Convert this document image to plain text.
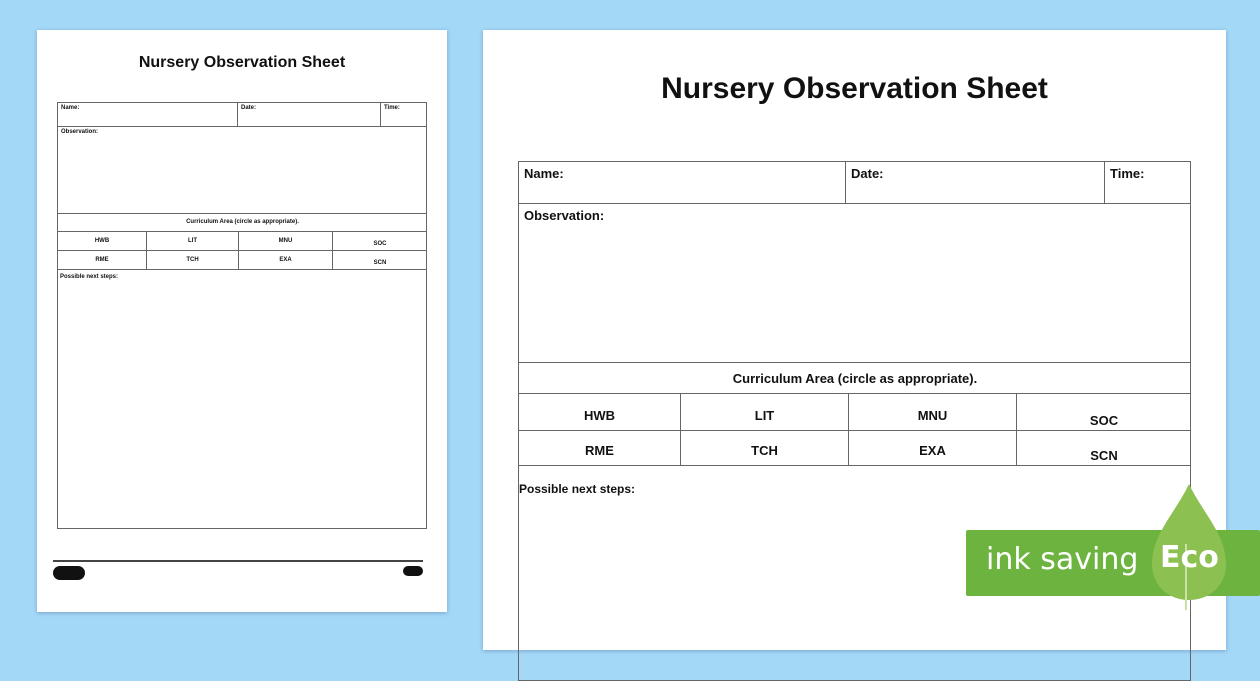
Nursery Observation Sheet
Name:	Date:	Time:
Observation:
Curriculum Area (circle as appropriate).
HWB	LIT	MNU	SOC
RME	TCH	EXA	SCN
Possible next steps:
Nursery Observation Sheet
Name:	Date:	Time:
Observation:
Curriculum Area (circle as appropriate).
HWB	LIT	MNU	SOC
RME	TCH	EXA	SCN
Possible next steps:
ink saving Eco
